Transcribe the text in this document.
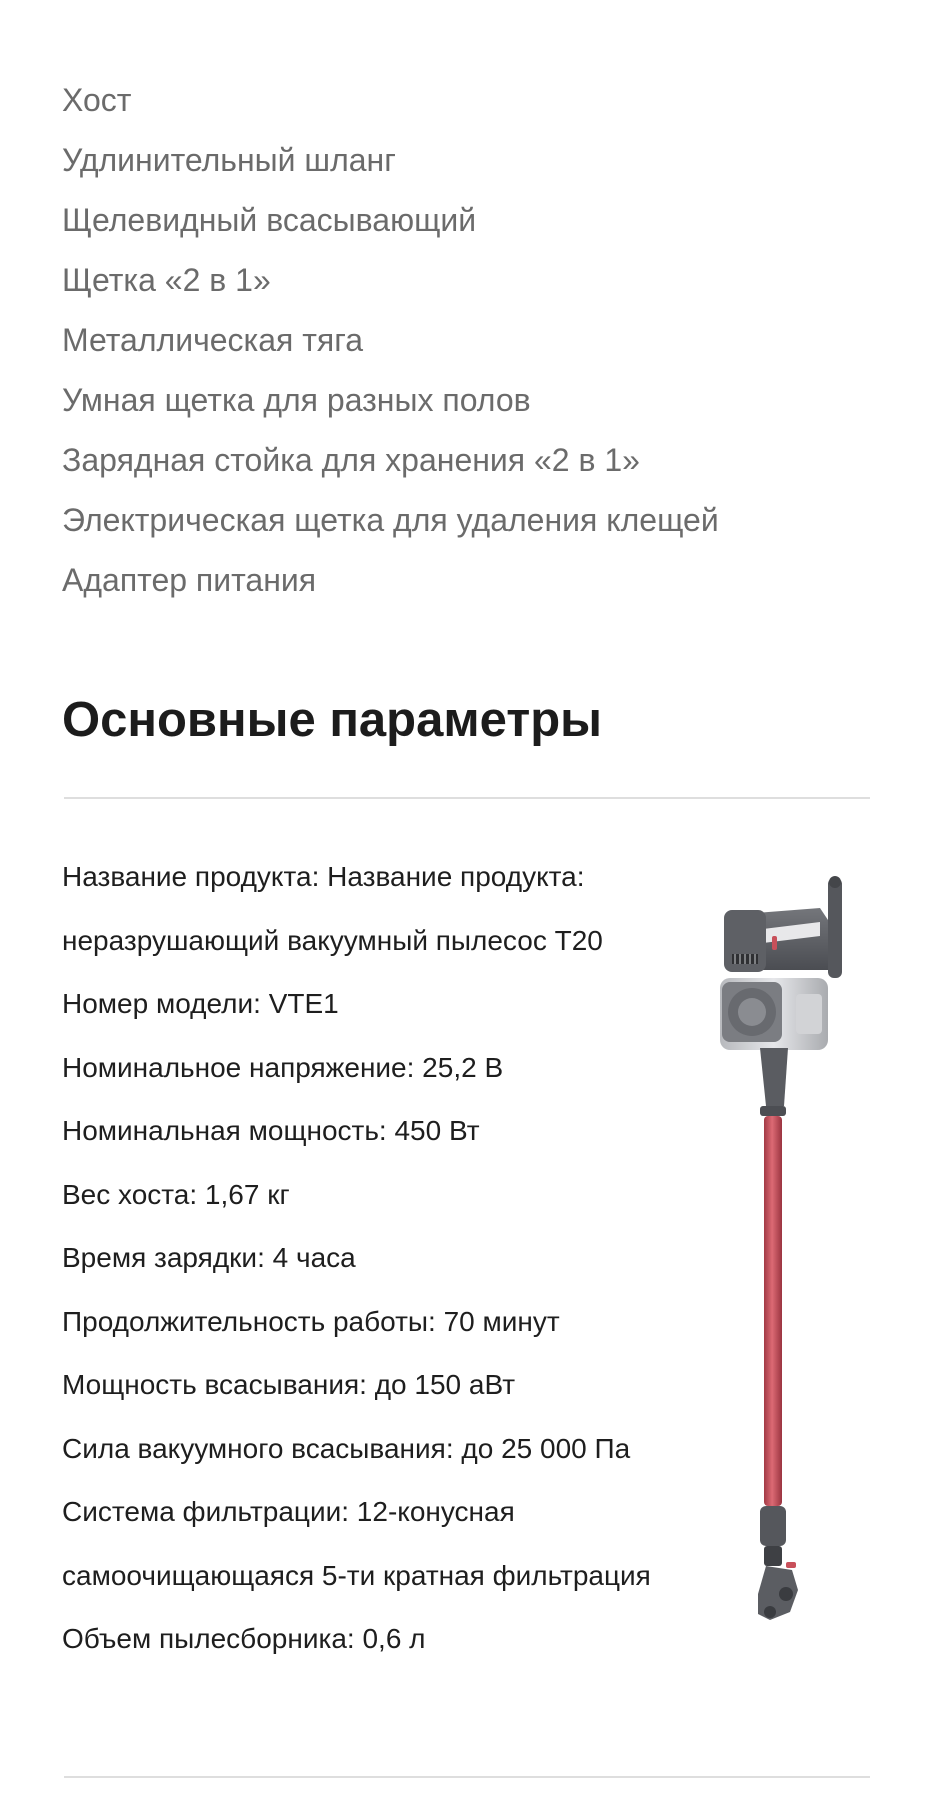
Хост
Удлинительный шланг
Щелевидный всасывающий
Щетка «2 в 1»
Металлическая тяга
Умная щетка для разных полов
Зарядная стойка для хранения «2 в 1»
Электрическая щетка для удаления клещей
Адаптер питания
Основные параметры
Название продукта: Название продукта:
неразрушающий вакуумный пылесос T20
Номер модели: VTE1
Номинальное напряжение: 25,2 В
Номинальная мощность: 450 Вт
Вес хоста: 1,67 кг
Время зарядки: 4 часа
Продолжительность работы: 70 минут
Мощность всасывания: до 150 аВт
Сила вакуумного всасывания: до 25 000 Па
Система фильтрации: 12-конусная
самоочищающаяся 5-ти кратная фильтрация
Объем пылесборника: 0,6 л
